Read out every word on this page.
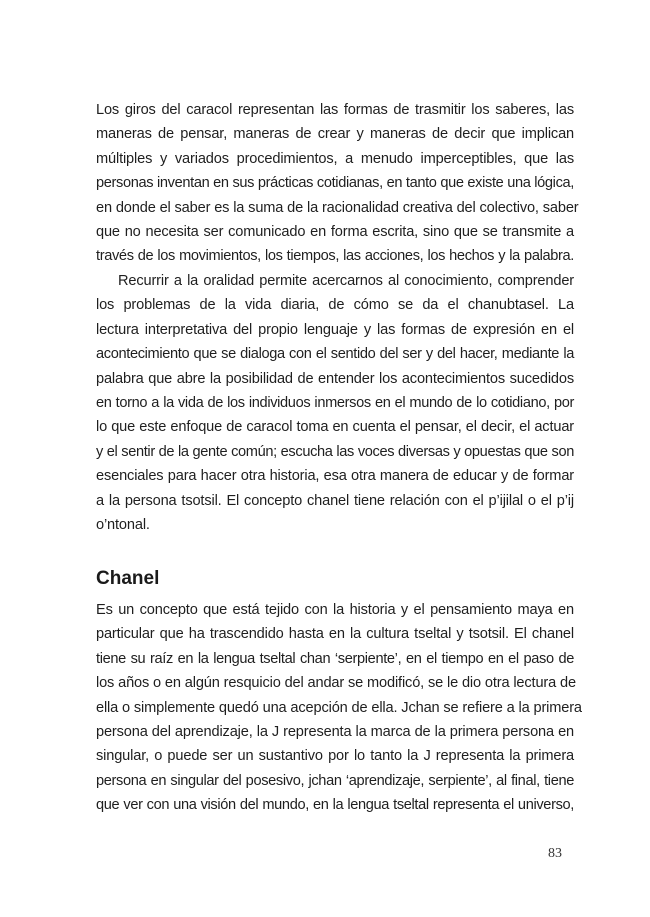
Los giros del caracol representan las formas de trasmitir los saberes, las
maneras de pensar, maneras de crear y maneras de decir que implican
múltiples y variados procedimientos, a menudo imperceptibles, que las
personas inventan en sus prácticas cotidianas, en tanto que existe una lógica,
en donde el saber es la suma de la racionalidad creativa del colectivo, saber
que no necesita ser comunicado en forma escrita, sino que se transmite a
través de los movimientos, los tiempos, las acciones, los hechos y la palabra.
Recurrir a la oralidad permite acercarnos al conocimiento, comprender
los problemas de la vida diaria, de cómo se da el chanubtasel. La
lectura interpretativa del propio lenguaje y las formas de expresión en el
acontecimiento que se dialoga con el sentido del ser y del hacer, mediante la
palabra que abre la posibilidad de entender los acontecimientos sucedidos
en torno a la vida de los individuos inmersos en el mundo de lo cotidiano, por
lo que este enfoque de caracol toma en cuenta el pensar, el decir, el actuar
y el sentir de la gente común; escucha las voces diversas y opuestas que son
esenciales para hacer otra historia, esa otra manera de educar y de formar
a la persona tsotsil. El concepto chanel tiene relación con el p’ijilal o el p’ij
o’ntonal.
Chanel
Es un concepto que está tejido con la historia y el pensamiento maya en
particular que ha trascendido hasta en la cultura tseltal y tsotsil. El chanel
tiene su raíz en la lengua tseltal chan ‘serpiente’, en el tiempo en el paso de
los años o en algún resquicio del andar se modificó, se le dio otra lectura de
ella o simplemente quedó una acepción de ella. Jchan se refiere a la primera
persona del aprendizaje, la J representa la marca de la primera persona en
singular, o puede ser un sustantivo por lo tanto la J representa la primera
persona en singular del posesivo, jchan ‘aprendizaje, serpiente’, al final, tiene
que ver con una visión del mundo, en la lengua tseltal representa el universo,
83
